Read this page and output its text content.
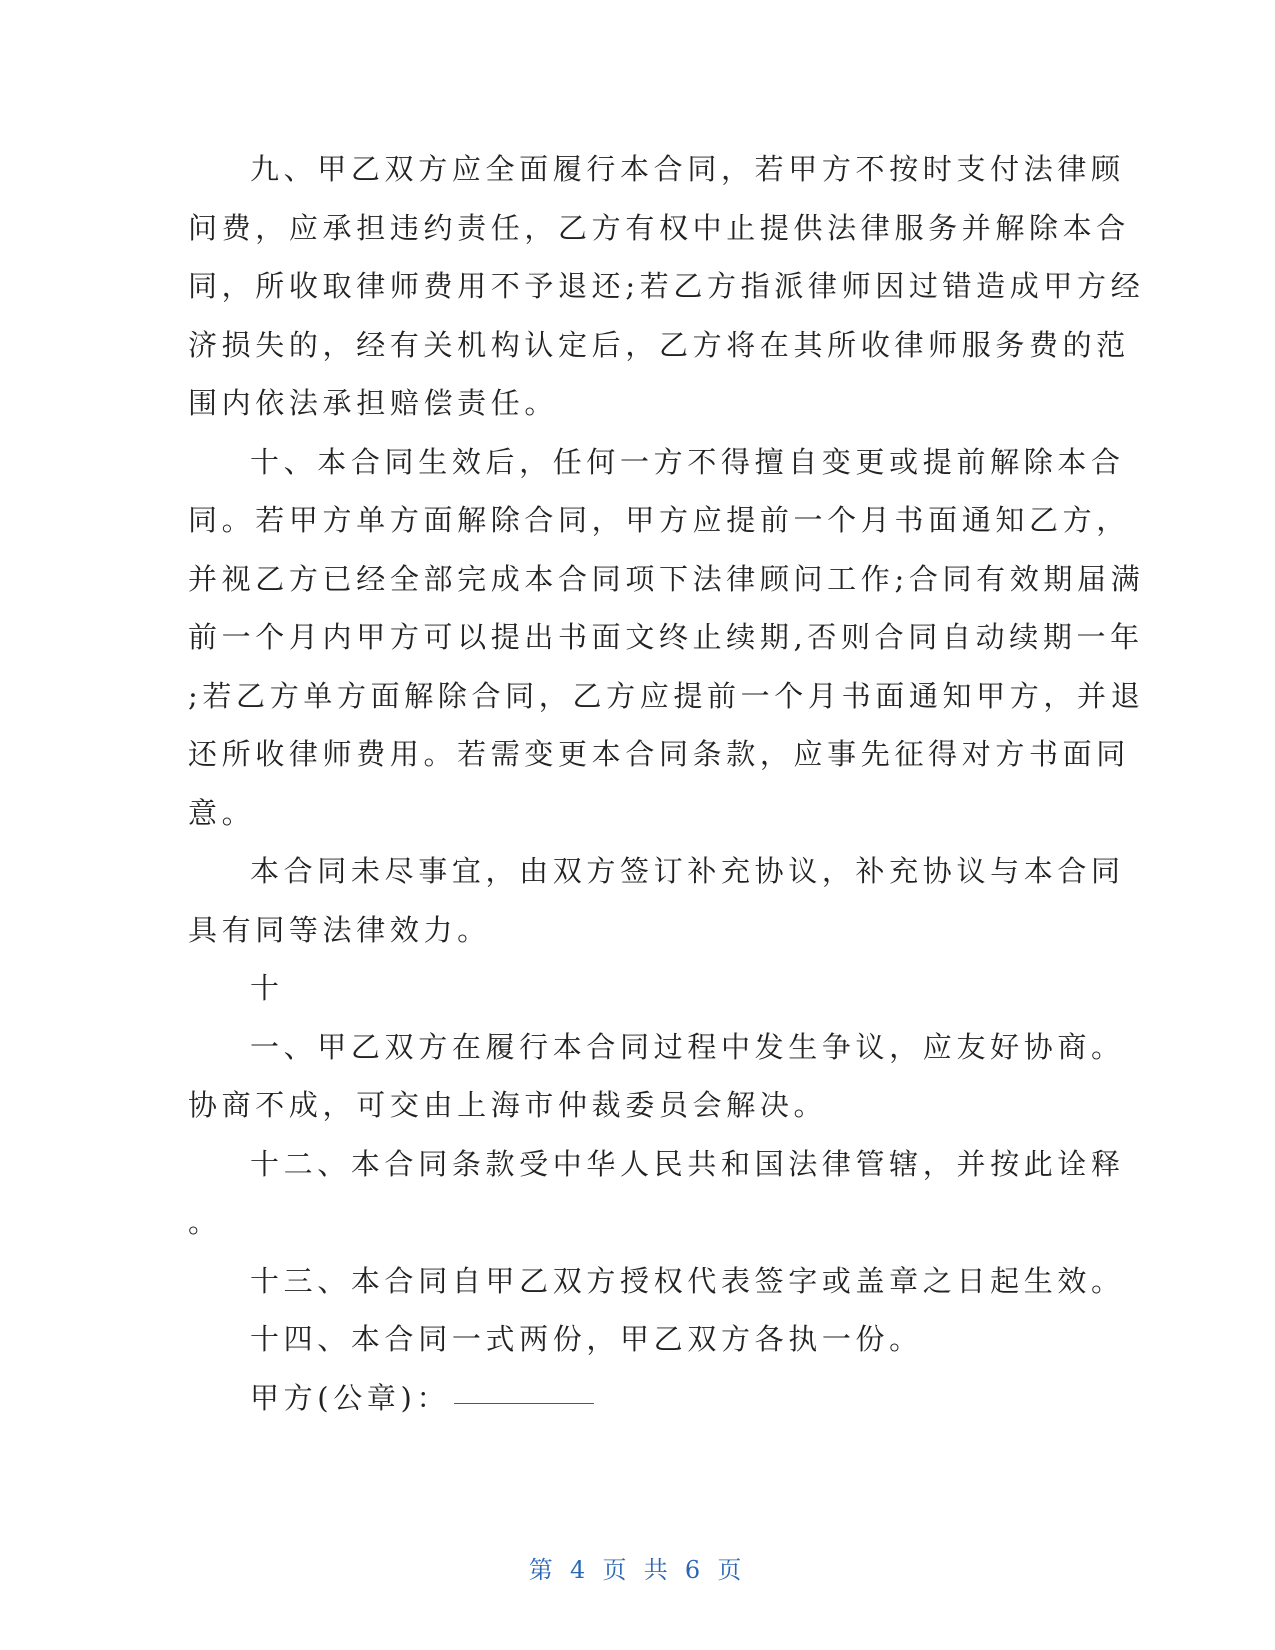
九、甲乙双方应全面履行本合同，若甲方不按时支付法律顾
问费，应承担违约责任，乙方有权中止提供法律服务并解除本合
同，所收取律师费用不予退还;若乙方指派律师因过错造成甲方经
济损失的，经有关机构认定后，乙方将在其所收律师服务费的范
围内依法承担赔偿责任。
十、本合同生效后，任何一方不得擅自变更或提前解除本合
同。若甲方单方面解除合同，甲方应提前一个月书面通知乙方，
并视乙方已经全部完成本合同项下法律顾问工作;合同有效期届满
前一个月内甲方可以提出书面文终止续期,否则合同自动续期一年
;若乙方单方面解除合同，乙方应提前一个月书面通知甲方，并退
还所收律师费用。若需变更本合同条款，应事先征得对方书面同
意。
本合同未尽事宜，由双方签订补充协议，补充协议与本合同
具有同等法律效力。
十
一、甲乙双方在履行本合同过程中发生争议，应友好协商。
协商不成，可交由上海市仲裁委员会解决。
十二、本合同条款受中华人民共和国法律管辖，并按此诠释
。
十三、本合同自甲乙双方授权代表签字或盖章之日起生效。
十四、本合同一式两份，甲乙双方各执一份。
甲方(公章)：
第 4 页 共 6 页
